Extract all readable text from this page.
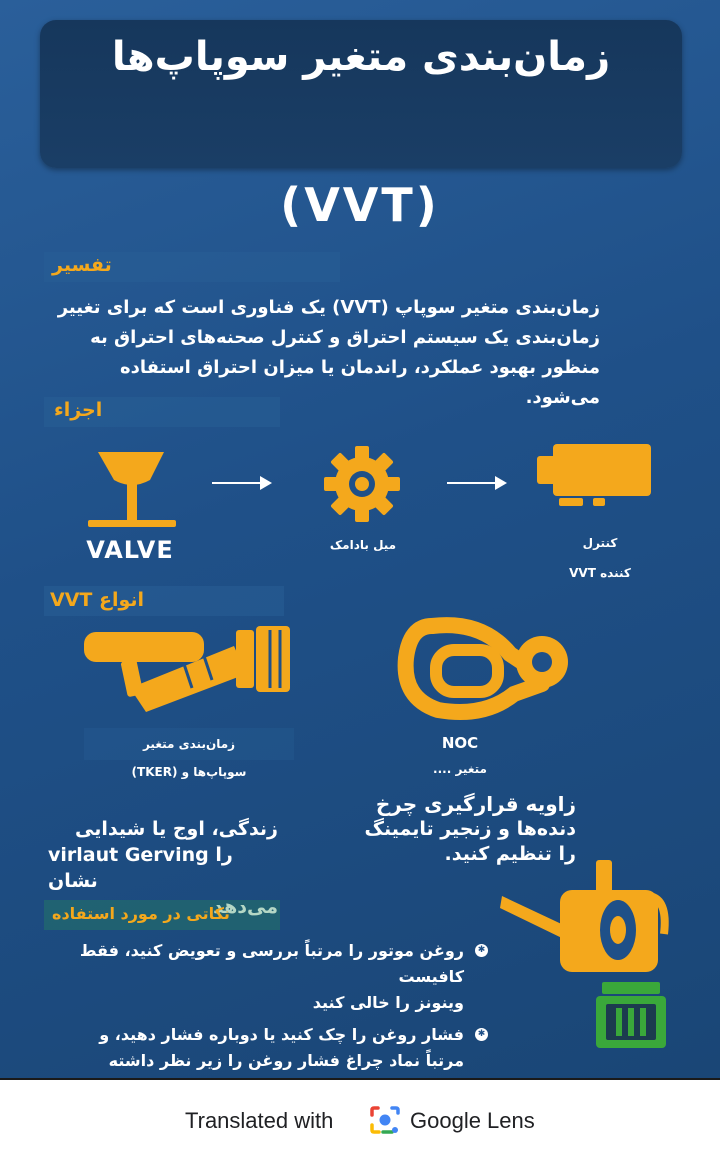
زمان‌بندی متغیر سوپاپ‌ها
(VVT)
تفسیر
زمان‌بندی متغیر سوپاپ (VVT) یک فناوری است که برای تغییر
زمان‌بندی یک سیستم احتراق و کنترل صحنه‌های احتراق به
منظور بهبود عملکرد، راندمان یا میزان احتراق استفاده می‌شود.
اجزاء
VALVE	میل بادامک	کنترل
کننده VVT
انواع VVT
زمان‌بندی متغیر
سوپاپ‌ها و (TKER)
NOC
متغیر ....
زندگی، اوج یا شیدایی
virlaut Gerving را نشان
می‌دهد
زاویه قرارگیری چرخ
دنده‌ها و زنجیر تایمینگ
را تنظیم کنید.
نکاتی در مورد استفاده
✱
روغن موتور را مرتباً بررسی و تعویض کنید، فقط کافیست
وینونز را خالی کنید
✱
فشار روغن را چک کنید یا دوباره فشار دهید، و
مرتباً نماد چراغ فشار روغن را زیر نظر داشته
Translated with	Google Lens
